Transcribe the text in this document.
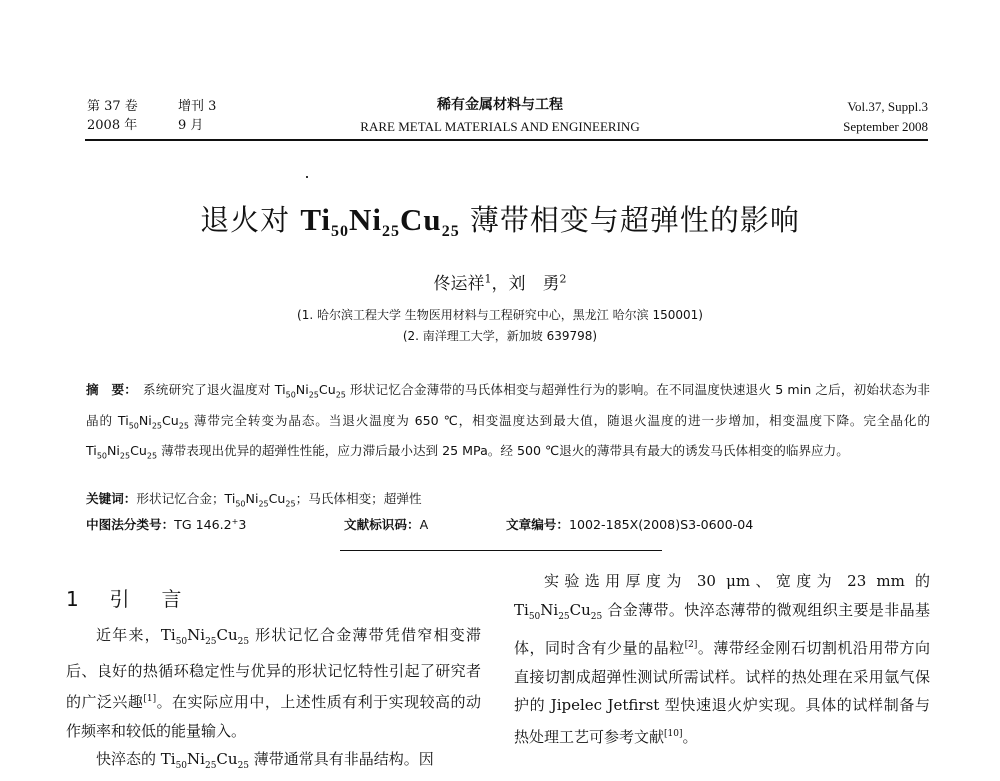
第 37 卷	增刊 3
2008 年	9 月
稀有金属材料与工程
RARE METAL MATERIALS AND ENGINEERING
Vol.37, Suppl.3
September 2008
退火对 $Ti_{50}Ni_{25}Cu_{25}$ 薄带相变与超弹性的影响
佟运祥$^1$，刘　勇$^2$
(1. 哈尔滨工程大学 生物医用材料与工程研究中心，黑龙江 哈尔滨 150001)
(2. 南洋理工大学，新加坡 639798)
摘　要： 系统研究了退火温度对 $Ti_{50}Ni_{25}Cu_{25}$ 形状记忆合金薄带的马氏体相变与超弹性行为的影响。在不同温度快速退火 5 min 之后，初始状态为非晶的 $Ti_{50}Ni_{25}Cu_{25}$ 薄带完全转变为晶态。当退火温度为 650 ℃，相变温度达到最大值，随退火温度的进一步增加，相变温度下降。完全晶化的 $Ti_{50}Ni_{25}Cu_{25}$ 薄带表现出优异的超弹性性能，应力滞后最小达到 25 MPa。经 500 ℃退火的薄带具有最大的诱发马氏体相变的临界应力。
关键词：形状记忆合金；$Ti_{50}Ni_{25}Cu_{25}$；马氏体相变；超弹性
中图法分类号：TG 146.2+3	文献标识码：A	文章编号：1002-185X(2008)S3-0600-04
1 引　言
近年来，$Ti_{50}Ni_{25}Cu_{25}$ 形状记忆合金薄带凭借窄相变滞后、良好的热循环稳定性与优异的形状记忆特性引起了研究者的广泛兴趣[1]。在实际应用中，上述性质有利于实现较高的动作频率和较低的能量输入。
快淬态的 $Ti_{50}Ni_{25}Cu_{25}$ 薄带通常具有非晶结构。因
实验选用厚度为 30 μm、宽度为 23 mm 的 $Ti_{50}Ni_{25}Cu_{25}$ 合金薄带。快淬态薄带的微观组织主要是非晶基体，同时含有少量的晶粒[2]。薄带经金刚石切割机沿用带方向直接切割成超弹性测试所需试样。试样的热处理在采用氩气保护的 Jipelec Jetfirst 型快速退火炉实现。具体的试样制备与热处理工艺可参考文献[10]。
